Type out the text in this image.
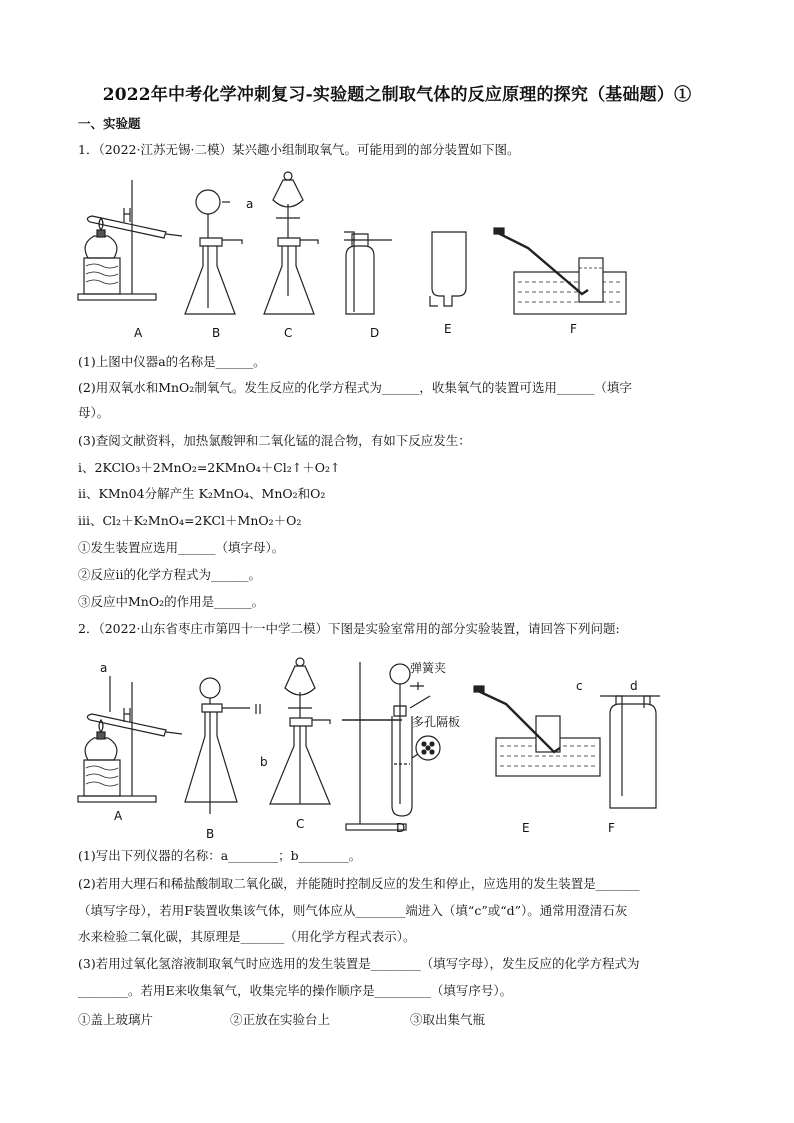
2022年中考化学冲刺复习-实验题之制取气体的反应原理的探究（基础题）①
一、实验题
1．（2022·江苏无锡·二模）某兴趣小组制取氧气。可能用到的部分装置如下图。
a
A	B	C	D	E	F
(1)上图中仪器a的名称是______。
(2)用双氧水和MnO₂制氧气。发生反应的化学方程式为______，收集氧气的装置可选用______（填字
母）。
(3)查阅文献资料，加热氯酸钾和二氧化锰的混合物，有如下反应发生：
i、2KClO₃＋2MnO₂=2KMnO₄＋Cl₂↑＋O₂↑
ii、KMn04分解产生 K₂MnO₄、MnO₂和O₂
iii、Cl₂＋K₂MnO₄=2KCl＋MnO₂＋O₂
①发生装置应选用______（填字母）。
②反应ii的化学方程式为______。
③反应中MnO₂的作用是______。
2．（2022·山东省枣庄市第四十一中学二模）下图是实验室常用的部分实验装置，请回答下列问题:
a
b
弹簧夹
多孔隔板
c	d
A
B
C	D	E	F
(1)写出下列仪器的名称：a________；b________。
(2)若用大理石和稀盐酸制取二氧化碳，并能随时控制反应的发生和停止，应选用的发生装置是_______
（填写字母），若用F装置收集该气体，则气体应从________端进入（填“c”或“d”）。通常用澄清石灰
水来检验二氧化碳，其原理是_______（用化学方程式表示）。
(3)若用过氧化氢溶液制取氧气时应选用的发生装置是________（填写字母），发生反应的化学方程式为
________。若用E来收集氧气，收集完毕的操作顺序是_________（填写序号）。
①盖上玻璃片	②正放在实验台上	③取出集气瓶
